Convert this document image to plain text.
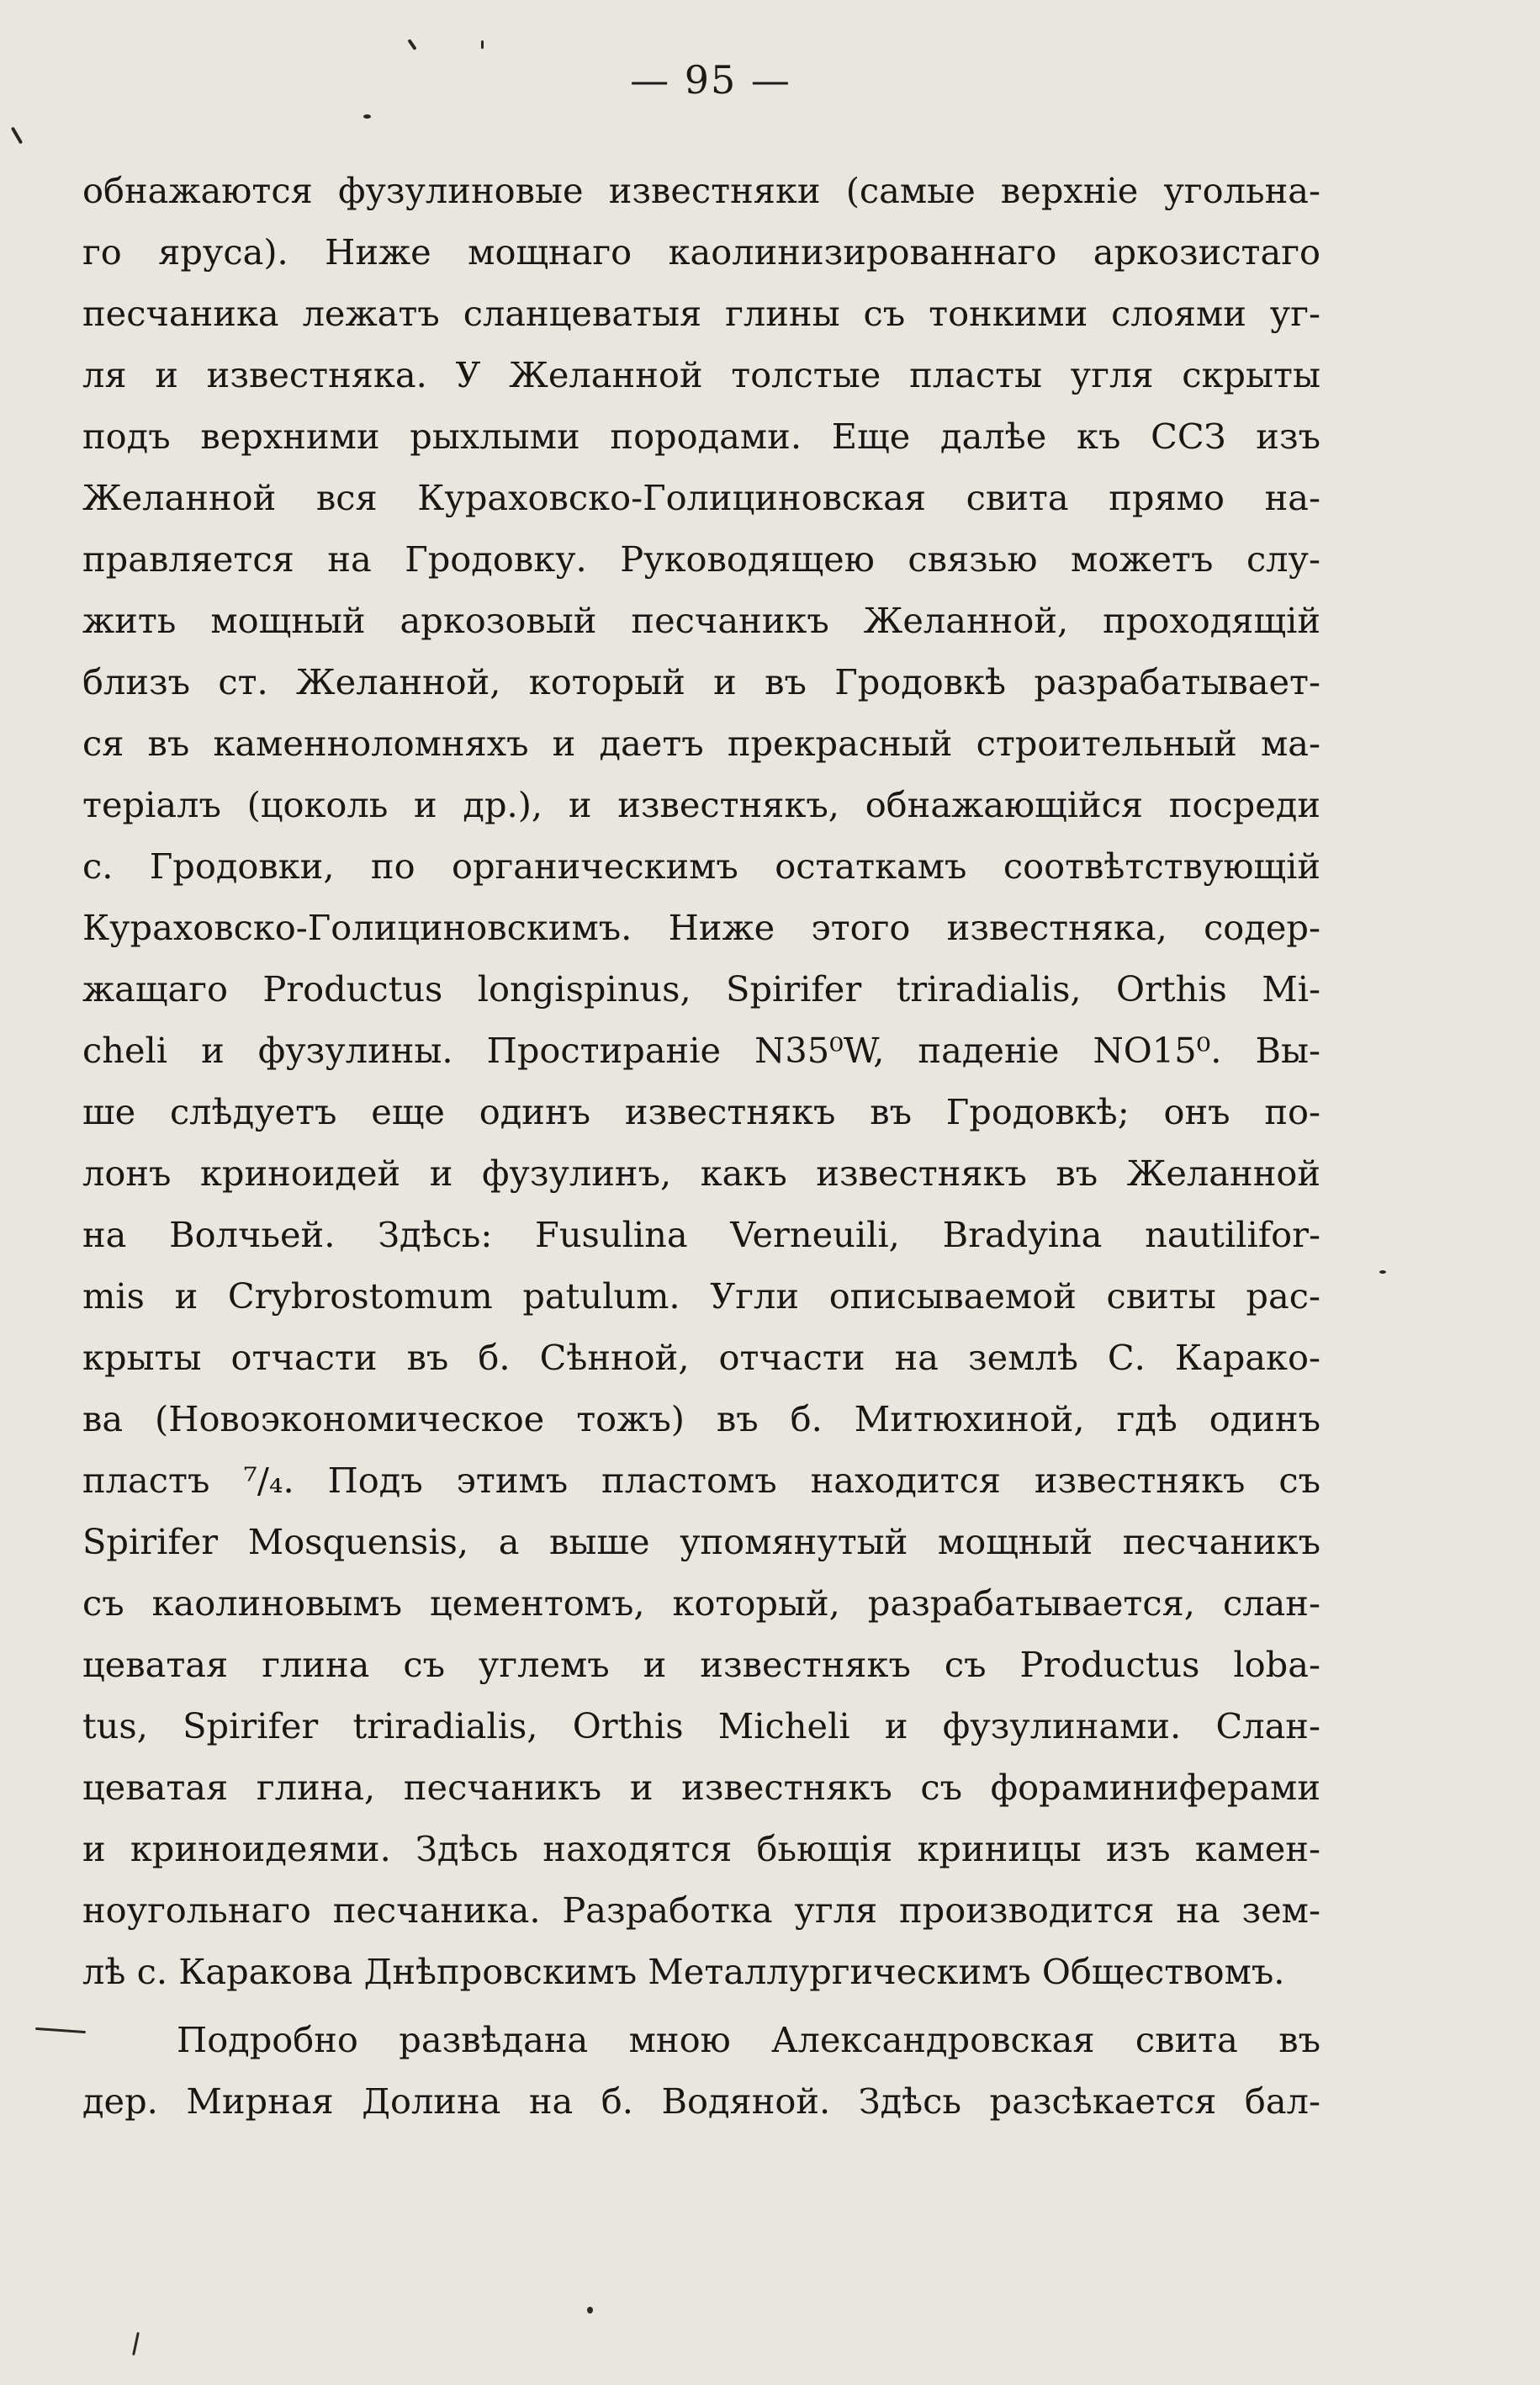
— 95 —
обнажаются фузулиновые известняки (самые верхніе угольна-
го яруса). Ниже мощнаго каолинизированнаго аркозистаго
песчаника лежатъ сланцеватыя глины съ тонкими слоями уг-
ля и известняка. У Желанной толстые пласты угля скрыты
подъ верхними рыхлыми породами. Еще далѣе къ ССЗ изъ
Желанной вся Кураховско-Голициновская свита прямо на-
правляется на Гродовку. Руководящею связью можетъ слу-
жить мощный аркозовый песчаникъ Желанной, проходящій
близъ ст. Желанной, который и въ Гродовкѣ разрабатывает-
ся въ каменноломняхъ и даетъ прекрасный строительный ма-
теріалъ (цоколь и др.), и известнякъ, обнажающійся посреди
с. Гродовки, по органическимъ остаткамъ соотвѣтствующій
Кураховско-Голициновскимъ. Ниже этого известняка, содер-
жащаго Productus longispinus, Spirifer triradialis, Orthis Mi-
cheli и фузулины. Простираніе N35⁰W, паденіе NO15⁰. Вы-
ше слѣдуетъ еще одинъ известнякъ въ Гродовкѣ; онъ по-
лонъ криноидей и фузулинъ, какъ известнякъ въ Желанной
на Волчьей. Здѣсь: Fusulina Verneuili, Bradyina nautilifor-
mis и Crybrostomum patulum. Угли описываемой свиты рас-
крыты отчасти въ б. Сѣнной, отчасти на землѣ С. Каракo-
ва (Новоэкономическое тожъ) въ б. Митюхиной, гдѣ одинъ
пластъ ⁷/₄. Подъ этимъ пластомъ находится известнякъ съ
Spirifer Mosquensis, а выше упомянутый мощный песчаникъ
съ каолиновымъ цементомъ, который, разрабатывается, слан-
цеватая глина съ углемъ и известнякъ съ Productus loba-
tus, Spirifer triradialis, Orthis Micheli и фузулинами. Слан-
цеватая глина, песчаникъ и известнякъ съ фораминиферами
и криноидеями. Здѣсь находятся бьющія криницы изъ камен-
ноугольнаго песчаника. Разработка угля производится на зем-
лѣ с. Каракова Днѣпровскимъ Металлургическимъ Обществомъ.
Подробно развѣдана мною Александровская свита въ
дер. Мирная Долина на б. Водяной. Здѣсь разсѣкается бал-
